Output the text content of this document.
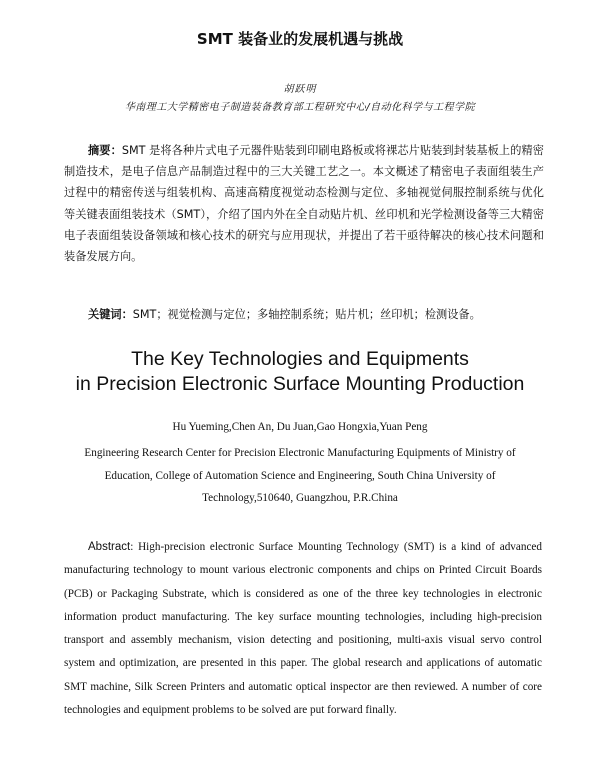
SMT 装备业的发展机遇与挑战
胡跃明
华南理工大学精密电子制造装备教育部工程研究中心/自动化科学与工程学院
摘要：SMT 是将各种片式电子元器件贴装到印刷电路板或将裸芯片贴装到封装基板上的精密制造技术，是电子信息产品制造过程中的三大关键工艺之一。本文概述了精密电子表面组装生产过程中的精密传送与组装机构、高速高精度视觉动态检测与定位、多轴视觉伺服控制系统与优化等关键表面组装技术（SMT），介绍了国内外在全自动贴片机、丝印机和光学检测设备等三大精密电子表面组装设备领域和核心技术的研究与应用现状，并提出了若干亟待解决的核心技术问题和装备发展方向。
关键词：SMT；视觉检测与定位；多轴控制系统；贴片机；丝印机；检测设备。
The Key Technologies and Equipments
in Precision Electronic Surface Mounting Production
Hu Yueming,Chen An, Du Juan,Gao Hongxia,Yuan Peng
Engineering Research Center for Precision Electronic Manufacturing Equipments of Ministry of Education, College of Automation Science and Engineering, South China University of Technology,510640, Guangzhou, P.R.China
Abstract: High-precision electronic Surface Mounting Technology (SMT) is a kind of advanced manufacturing technology to mount various electronic components and chips on Printed Circuit Boards (PCB) or Packaging Substrate, which is considered as one of the three key technologies in electronic information product manufacturing. The key surface mounting technologies, including high-precision transport and assembly mechanism, vision detecting and positioning, multi-axis visual servo control system and optimization, are presented in this paper. The global research and applications of automatic SMT machine, Silk Screen Printers and automatic optical inspector are then reviewed. A number of core technologies and equipment problems to be solved are put forward finally.
